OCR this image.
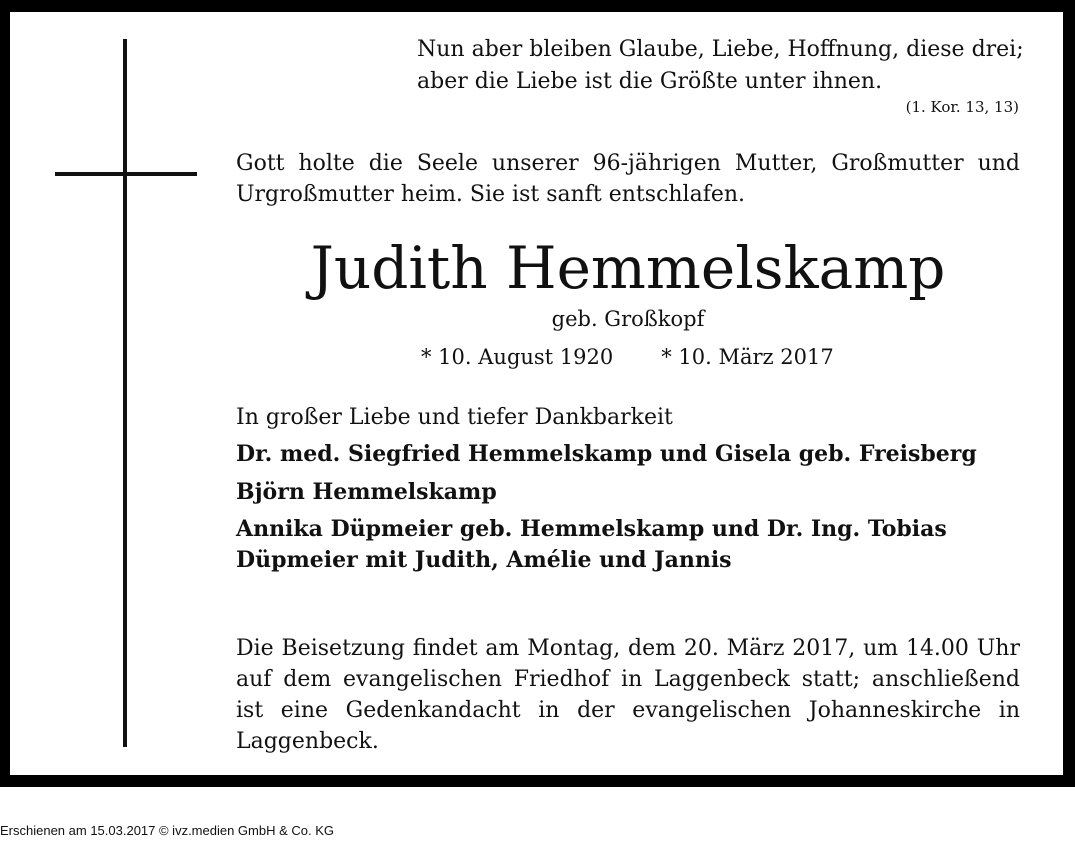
Nun aber bleiben Glaube, Liebe, Hoffnung, diese drei;
aber die Liebe ist die Größte unter ihnen.
(1. Kor. 13, 13)
Gott holte die Seele unserer 96-jährigen Mutter, Großmutter und Urgroßmutter heim. Sie ist sanft entschlafen.
Judith Hemmelskamp
geb. Großkopf
* 10. August 1920 * 10. März 2017
In großer Liebe und tiefer Dankbarkeit
Dr. med. Siegfried Hemmelskamp und Gisela geb. Freisberg
Björn Hemmelskamp
Annika Düpmeier geb. Hemmelskamp und Dr. Ing. Tobias Düpmeier mit Judith, Amélie und Jannis
Die Beisetzung findet am Montag, dem 20. März 2017, um 14.00 Uhr auf dem evangelischen Friedhof in Laggenbeck statt; anschließend ist eine Gedenkandacht in der evangelischen Johanneskirche in Laggenbeck.
Erschienen am 15.03.2017 © ivz.medien GmbH & Co. KG
